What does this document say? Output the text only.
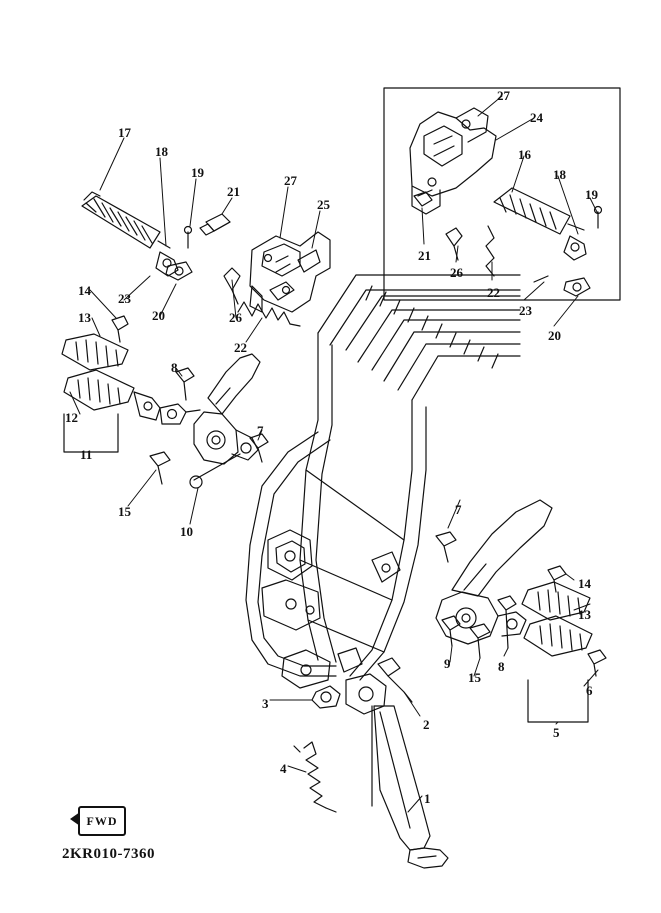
17
18
19
21
27
25
14
23
20	26
13
22
8
12
11
7
15
10
27
24
16
18
19
21
26
22
23
20
7
14
13
9
15
8
6
5
3
2
4
1
FWD
2KR010-7360
